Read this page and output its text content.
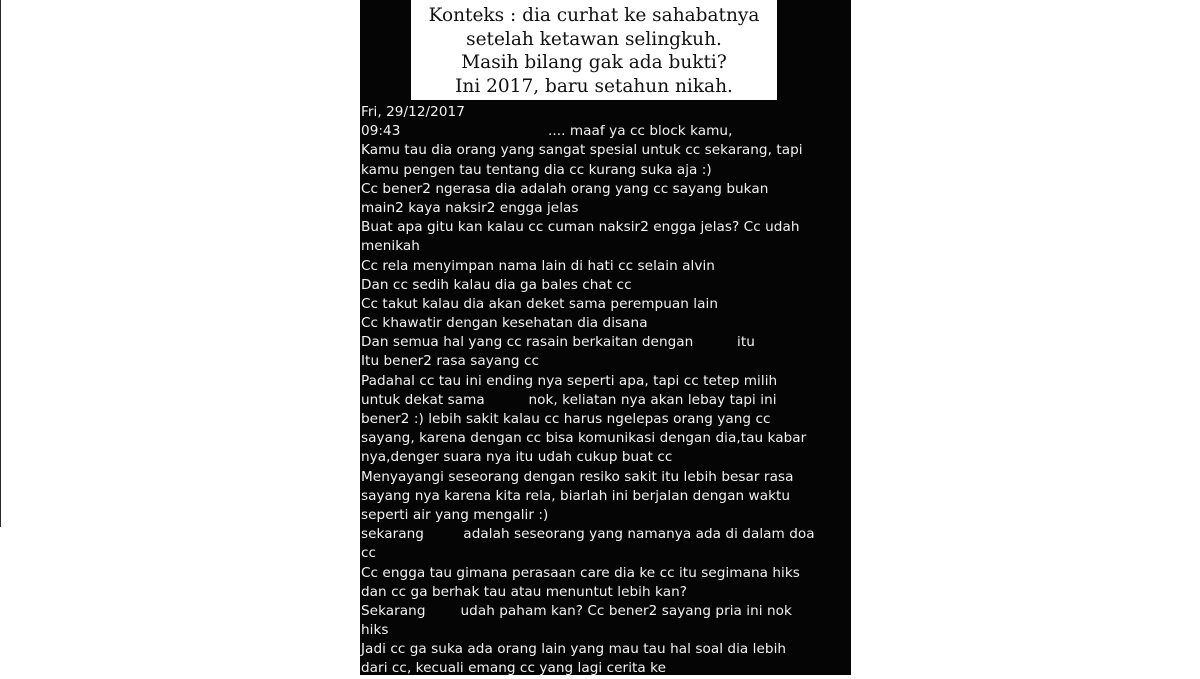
Konteks : dia curhat ke sahabatnya
setelah ketawan selingkuh.
Masih bilang gak ada bukti?
Ini 2017, baru setahun nikah.
Fri, 29/12/2017
09:43	.... maaf ya cc block kamu,
Kamu tau dia orang yang sangat spesial untuk cc sekarang, tapi
kamu pengen tau tentang dia cc kurang suka aja :)
Cc bener2 ngerasa dia adalah orang yang cc sayang bukan
main2 kaya naksir2 engga jelas
Buat apa gitu kan kalau cc cuman naksir2 engga jelas? Cc udah
menikah
Cc rela menyimpan nama lain di hati cc selain alvin
Dan cc sedih kalau dia ga bales chat cc
Cc takut kalau dia akan deket sama perempuan lain
Cc khawatir dengan kesehatan dia disana
Dan semua hal yang cc rasain berkaitan dengan          itu
Itu bener2 rasa sayang cc
Padahal cc tau ini ending nya seperti apa, tapi cc tetep milih
untuk dekat sama          nok, keliatan nya akan lebay tapi ini
bener2 :) lebih sakit kalau cc harus ngelepas orang yang cc
sayang, karena dengan cc bisa komunikasi dengan dia,tau kabar
nya,denger suara nya itu udah cukup buat cc
Menyayangi seseorang dengan resiko sakit itu lebih besar rasa
sayang nya karena kita rela, biarlah ini berjalan dengan waktu
seperti air yang mengalir :)
sekarang         adalah seseorang yang namanya ada di dalam doa
cc
Cc engga tau gimana perasaan care dia ke cc itu segimana hiks
dan cc ga berhak tau atau menuntut lebih kan?
Sekarang        udah paham kan? Cc bener2 sayang pria ini nok
hiks
Jadi cc ga suka ada orang lain yang mau tau hal soal dia lebih
dari cc, kecuali emang cc yang lagi cerita ke
